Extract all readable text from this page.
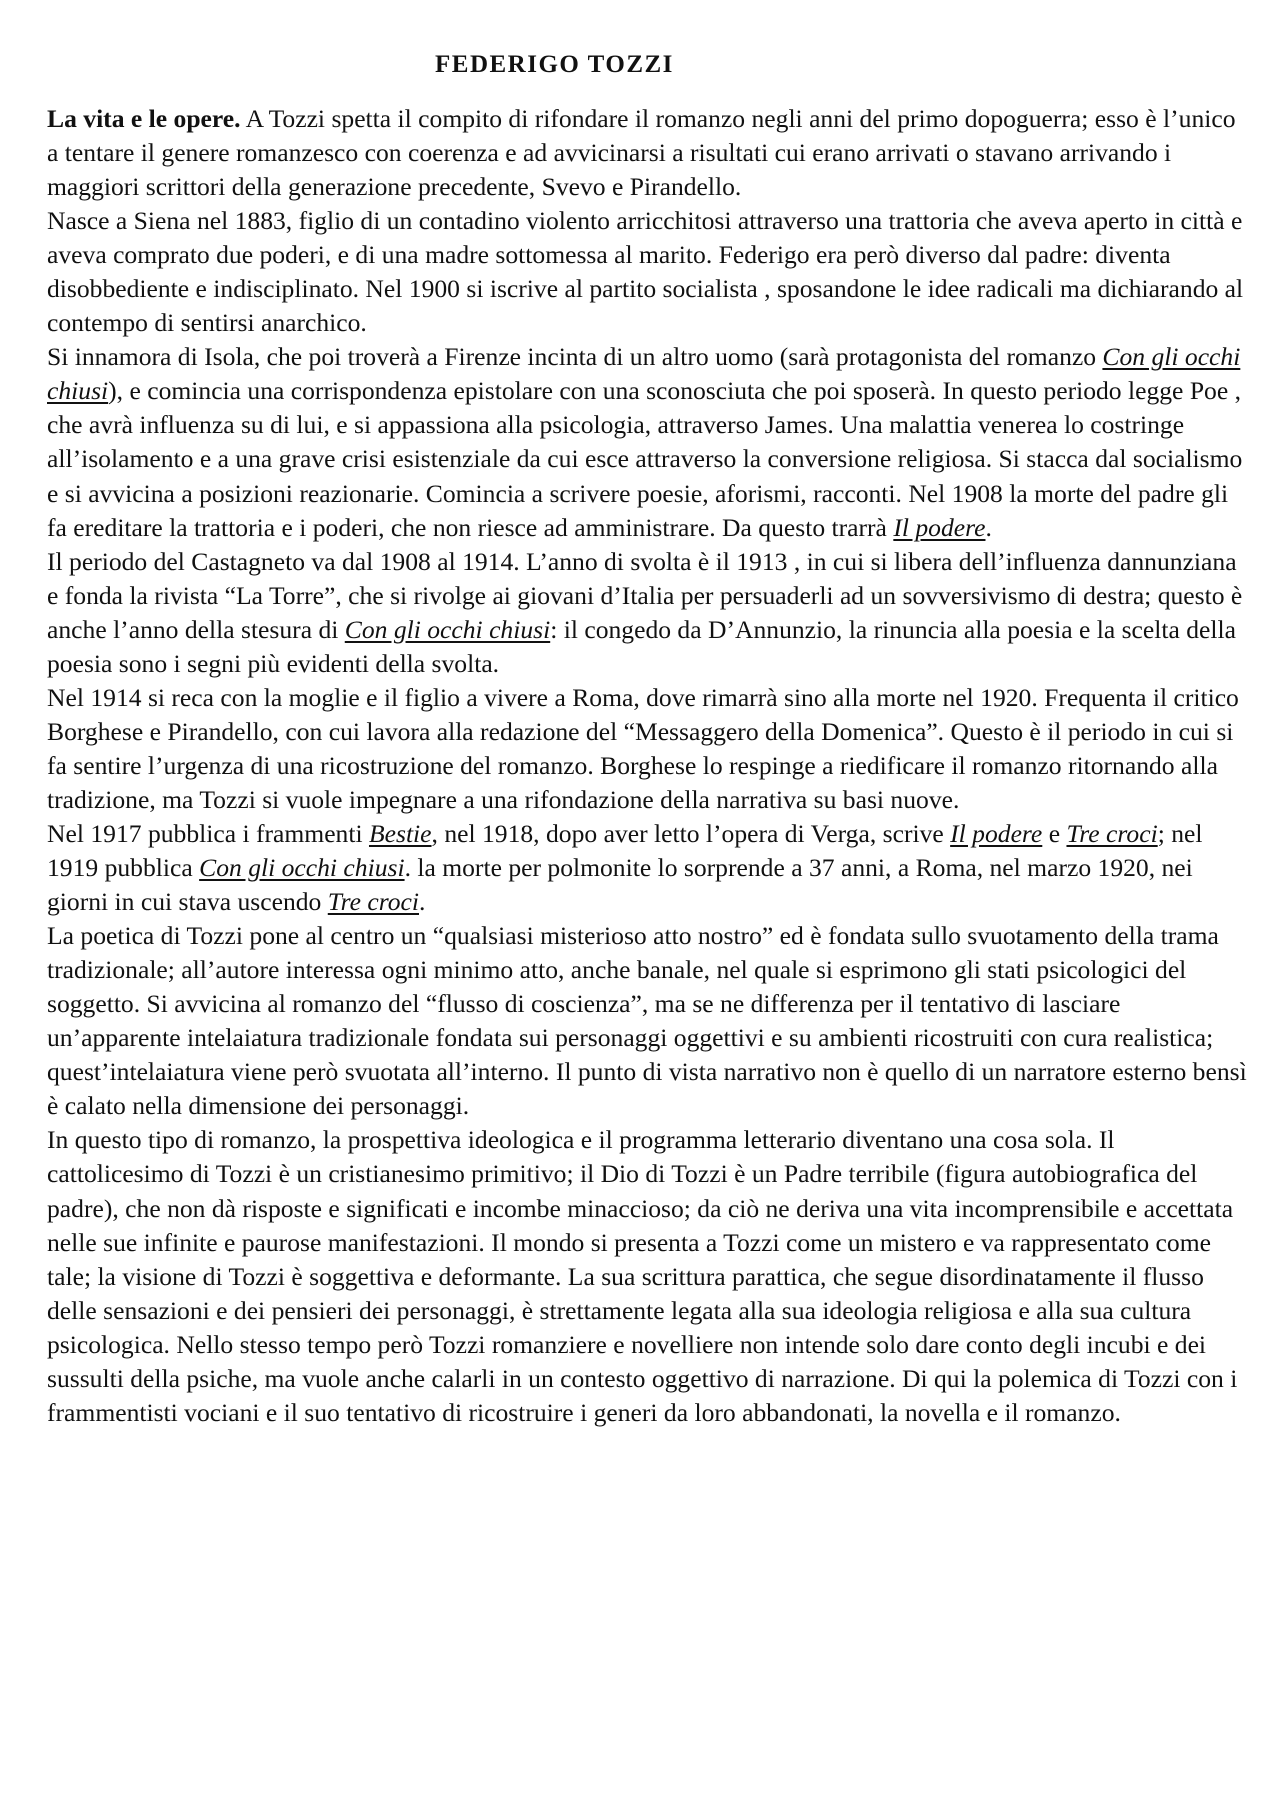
FEDERIGO TOZZI

La vita e le opere. A Tozzi spetta il compito di rifondare il romanzo negli anni del primo dopoguerra; esso è l’unico a tentare il genere romanzesco con coerenza e ad avvicinarsi a risultati cui erano arrivati o stavano arrivando i maggiori scrittori della generazione precedente, Svevo e Pirandello.

Nasce a Siena nel 1883, figlio di un contadino violento arricchitosi attraverso una trattoria che aveva aperto in città e aveva comprato due poderi, e di una madre sottomessa al marito. Federigo era però diverso dal padre: diventa disobbediente e indisciplinato. Nel 1900 si iscrive al partito socialista , sposandone le idee radicali ma dichiarando al contempo di sentirsi anarchico.

Si innamora di Isola, che poi troverà a Firenze incinta di un altro uomo (sarà protagonista del romanzo Con gli occhi chiusi), e comincia una corrispondenza epistolare con una sconosciuta che poi sposerà. In questo periodo legge Poe , che avrà influenza su di lui, e si appassiona alla psicologia, attraverso James. Una malattia venerea lo costringe all’isolamento e a una grave crisi esistenziale da cui esce attraverso la conversione religiosa. Si stacca dal socialismo e si avvicina a posizioni reazionarie. Comincia a scrivere poesie, aforismi, racconti. Nel 1908 la morte del padre gli fa ereditare la trattoria e i poderi, che non riesce ad amministrare. Da questo trarrà Il podere.

Il periodo del Castagneto va dal 1908 al 1914. L’anno di svolta è il 1913 , in cui si libera dell’influenza dannunziana e fonda la rivista “La Torre”, che si rivolge ai giovani d’Italia per persuaderli ad un sovversivismo di destra; questo è anche l’anno della stesura di Con gli occhi chiusi: il congedo da D’Annunzio, la rinuncia alla poesia e la scelta della poesia sono i segni più evidenti della svolta.

Nel 1914 si reca con la moglie e il figlio a vivere a Roma, dove rimarrà sino alla morte nel 1920. Frequenta il critico Borghese e Pirandello, con cui lavora alla redazione del “Messaggero della Domenica”. Questo è il periodo in cui si fa sentire l’urgenza di una ricostruzione del romanzo. Borghese lo respinge a riedificare il romanzo ritornando alla tradizione, ma Tozzi si vuole impegnare a una rifondazione della narrativa su basi nuove.

Nel 1917 pubblica i frammenti Bestie, nel 1918, dopo aver letto l’opera di Verga, scrive Il podere e Tre croci; nel 1919 pubblica Con gli occhi chiusi. la morte per polmonite lo sorprende a 37 anni, a Roma, nel marzo 1920, nei giorni in cui stava uscendo Tre croci.

La poetica di Tozzi pone al centro un “qualsiasi misterioso atto nostro” ed è fondata sullo svuotamento della trama tradizionale; all’autore interessa ogni minimo atto, anche banale, nel quale si esprimono gli stati psicologici del soggetto. Si avvicina al romanzo del “flusso di coscienza”, ma se ne differenza per il tentativo di lasciare un’apparente intelaiatura tradizionale fondata sui personaggi oggettivi e su ambienti ricostruiti con cura realistica; quest’intelaiatura viene però svuotata all’interno. Il punto di vista narrativo non è quello di un narratore esterno bensì è calato nella dimensione dei personaggi.

In questo tipo di romanzo, la prospettiva ideologica e il programma letterario diventano una cosa sola. Il cattolicesimo di Tozzi è un cristianesimo primitivo; il Dio di Tozzi è un Padre terribile (figura autobiografica del padre), che non dà risposte e significati e incombe minaccioso; da ciò ne deriva una vita incomprensibile e accettata nelle sue infinite e paurose manifestazioni. Il mondo si presenta a Tozzi come un mistero e va rappresentato come tale; la visione di Tozzi è soggettiva e deformante. La sua scrittura parattica, che segue disordinatamente il flusso delle sensazioni e dei pensieri dei personaggi, è strettamente legata alla sua ideologia religiosa e alla sua cultura psicologica. Nello stesso tempo però Tozzi romanziere e novelliere non intende solo dare conto degli incubi e dei sussulti della psiche, ma vuole anche calarli in un contesto oggettivo di narrazione. Di qui la polemica di Tozzi con i frammentisti vociani e il suo tentativo di ricostruire i generi da loro abbandonati, la novella e il romanzo.
